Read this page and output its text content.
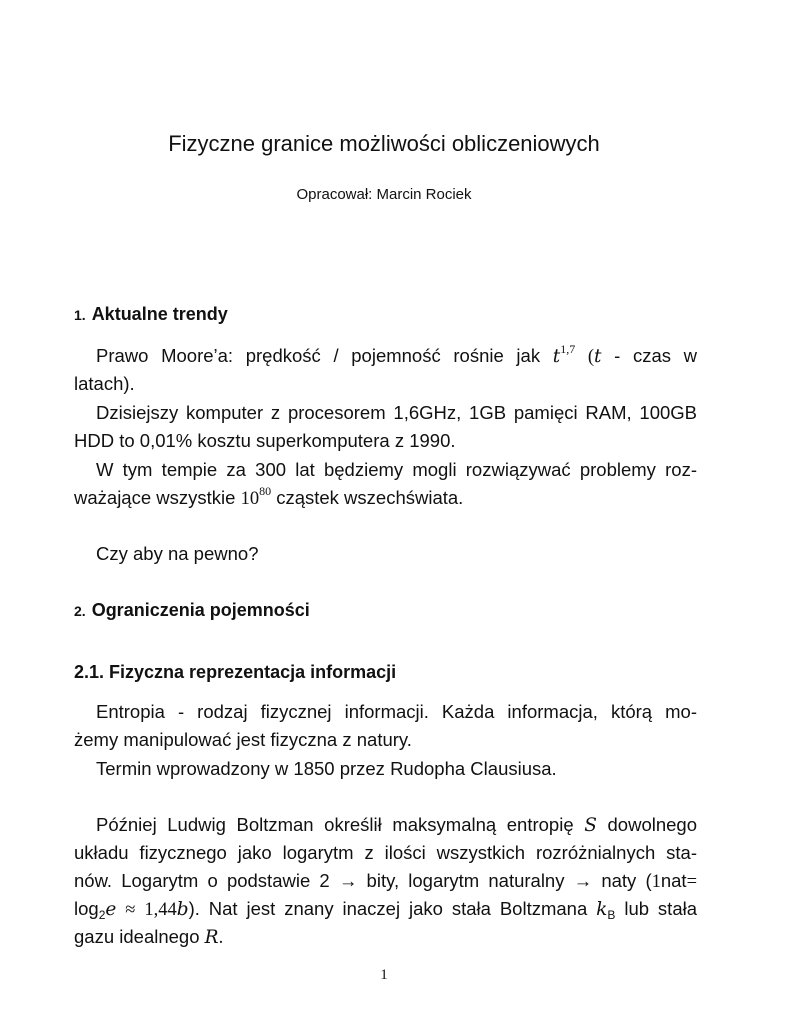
Fizyczne granice możliwości obliczeniowych
Opracował: Marcin Rociek
1. Aktualne trendy
Prawo Moore’a: prędkość / pojemność rośnie jak $t^{1,7}$ (t - czas w
latach).
Dzisiejszy komputer z procesorem 1,6GHz, 1GB pamięci RAM, 100GB
HDD to 0,01% kosztu superkomputera z 1990.
W tym tempie za 300 lat będziemy mogli rozwiązywać problemy roz-
ważające wszystkie $10^{80}$ cząstek wszechświata.
Czy aby na pewno?
2. Ograniczenia pojemności
2.1. Fizyczna reprezentacja informacji
Entropia - rodzaj fizycznej informacji. Każda informacja, którą mo-
żemy manipulować jest fizyczna z natury.
Termin wprowadzony w 1850 przez Rudopha Clausiusa.
Później Ludwig Boltzman określił maksymalną entropię S dowolnego
układu fizycznego jako logarytm z ilości wszystkich rozróżnialnych sta-
nów. Logarytm o podstawie 2 → bity, logarytm naturalny → naty (1nat=
$\log_2e \approx 1,44b$). Nat jest znany inaczej jako stała Boltzmana $k_B$ lub stała
gazu idealnego R.
1
